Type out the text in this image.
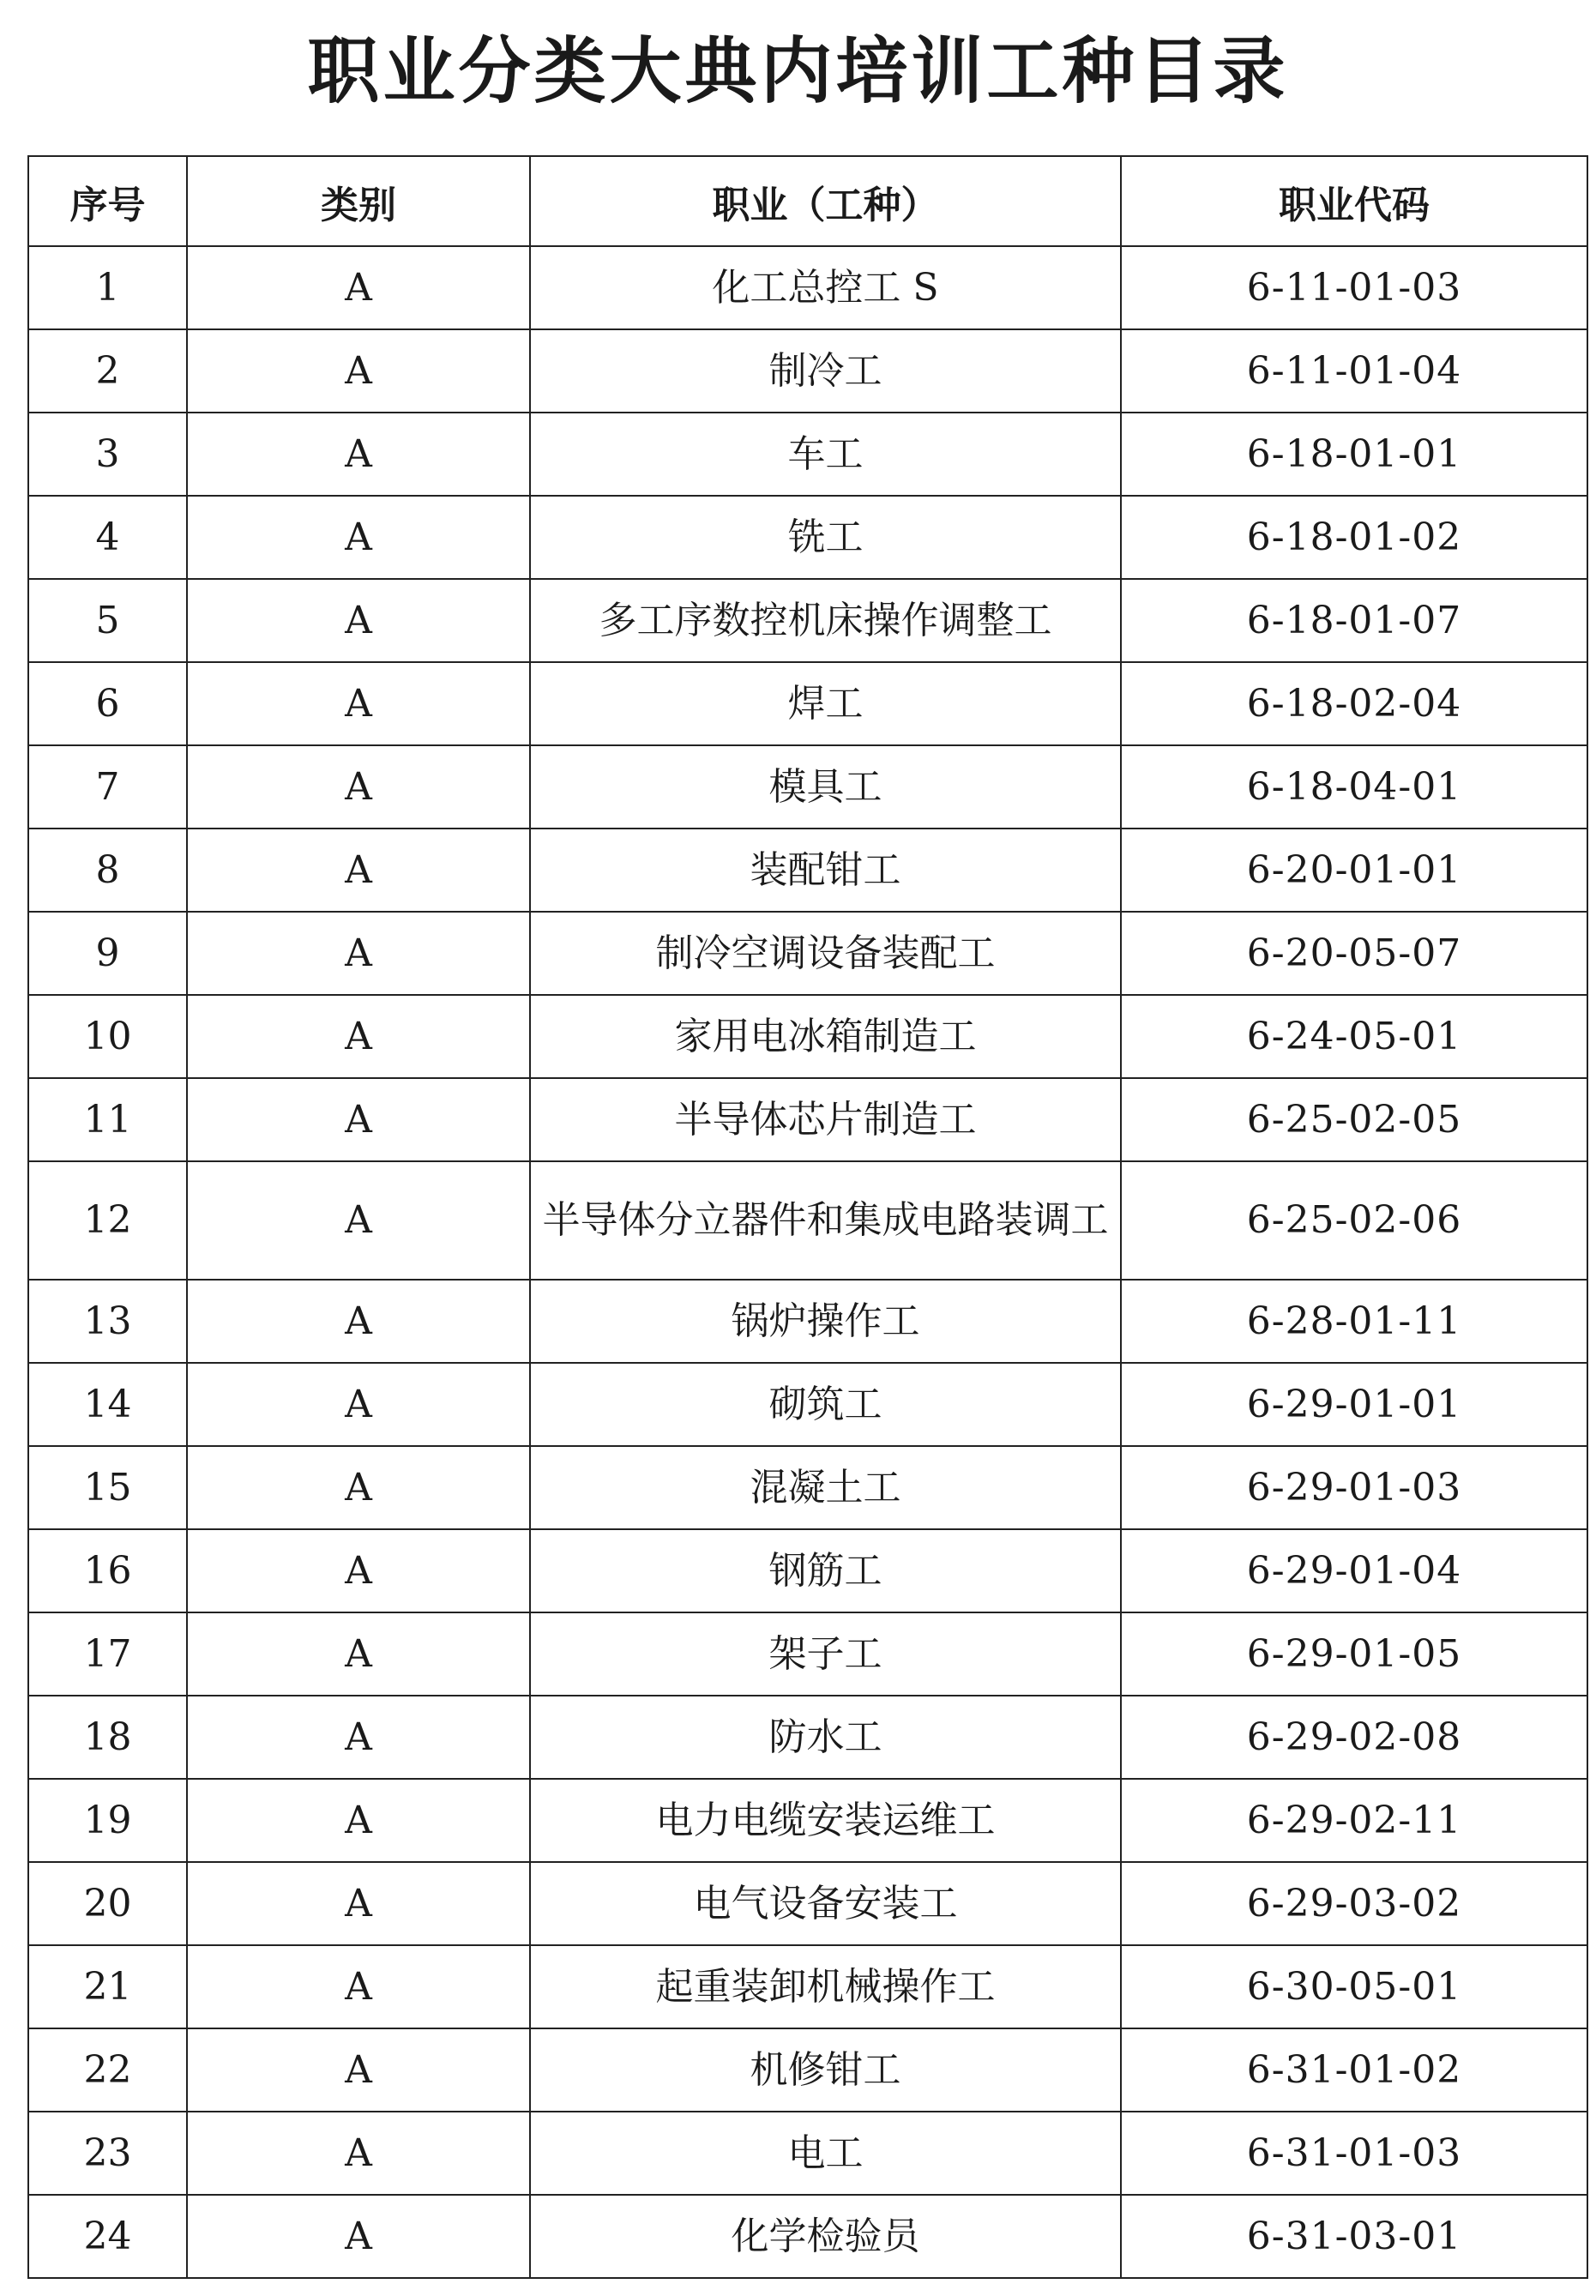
职业分类大典内培训工种目录
序号	类别	职业（工种）	职业代码
1	A	化工总控工 S	6-11-01-03
2	A	制冷工	6-11-01-04
3	A	车工	6-18-01-01
4	A	铣工	6-18-01-02
5	A	多工序数控机床操作调整工	6-18-01-07
6	A	焊工	6-18-02-04
7	A	模具工	6-18-04-01
8	A	装配钳工	6-20-01-01
9	A	制冷空调设备装配工	6-20-05-07
10	A	家用电冰箱制造工	6-24-05-01
11	A	半导体芯片制造工	6-25-02-05
12	A	半导体分立器件和集成电路装调工	6-25-02-06
13	A	锅炉操作工	6-28-01-11
14	A	砌筑工	6-29-01-01
15	A	混凝土工	6-29-01-03
16	A	钢筋工	6-29-01-04
17	A	架子工	6-29-01-05
18	A	防水工	6-29-02-08
19	A	电力电缆安装运维工	6-29-02-11
20	A	电气设备安装工	6-29-03-02
21	A	起重装卸机械操作工	6-30-05-01
22	A	机修钳工	6-31-01-02
23	A	电工	6-31-01-03
24	A	化学检验员	6-31-03-01
